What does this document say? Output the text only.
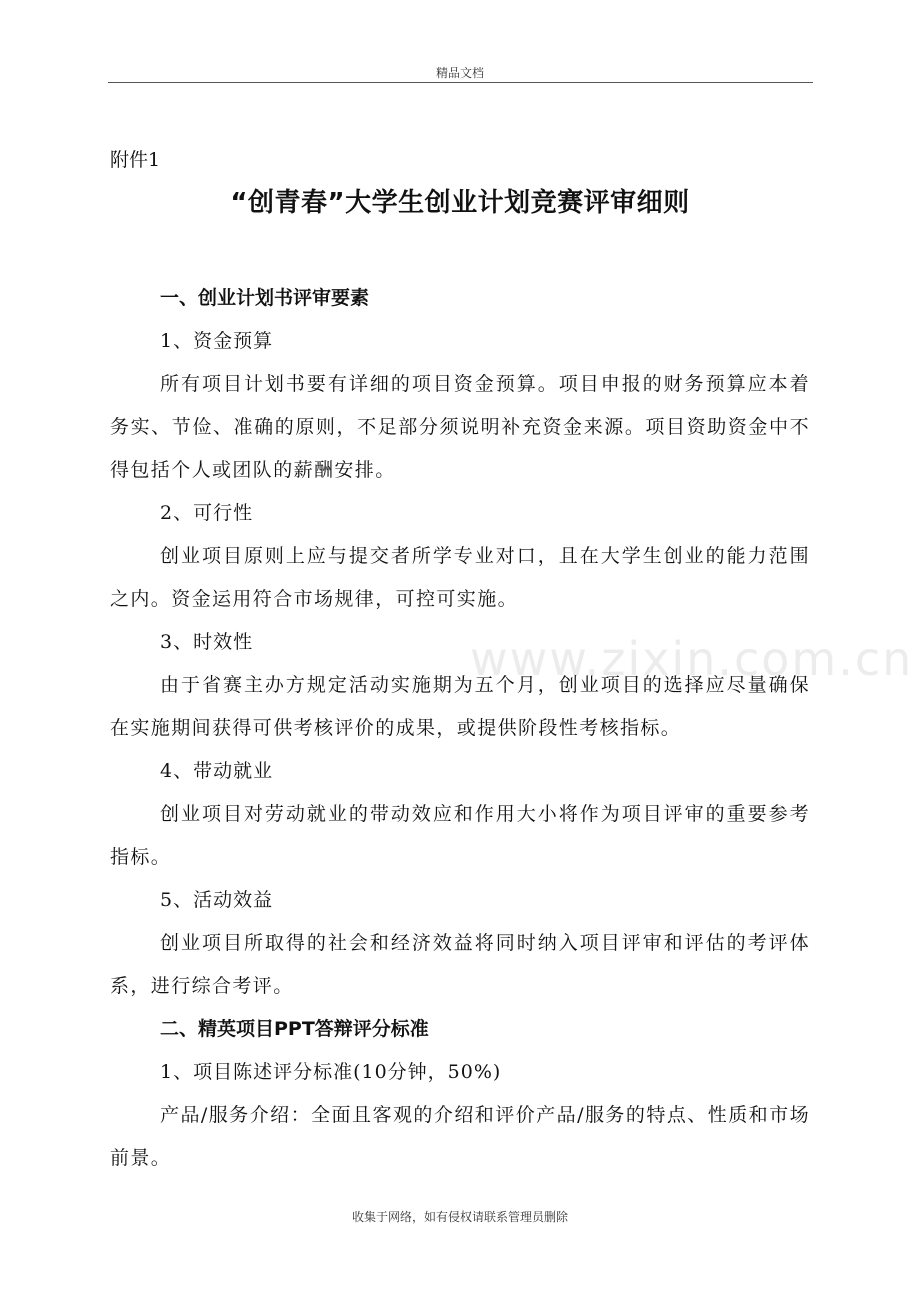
精品文档
www.zixin.com.cn
附件1
“创青春”大学生创业计划竞赛评审细则

一、创业计划书评审要素

1、资金预算

所有项目计划书要有详细的项目资金预算。项目申报的财务预算应本着务实、节俭、准确的原则，不足部分须说明补充资金来源。项目资助资金中不得包括个人或团队的薪酬安排。

2、可行性

创业项目原则上应与提交者所学专业对口，且在大学生创业的能力范围之内。资金运用符合市场规律，可控可实施。

3、时效性

由于省赛主办方规定活动实施期为五个月，创业项目的选择应尽量确保在实施期间获得可供考核评价的成果，或提供阶段性考核指标。

4、带动就业

创业项目对劳动就业的带动效应和作用大小将作为项目评审的重要参考指标。

5、活动效益

创业项目所取得的社会和经济效益将同时纳入项目评审和评估的考评体系，进行综合考评。

二、精英项目PPT答辩评分标准

1、项目陈述评分标准(10分钟，50%)

产品/服务介绍：全面且客观的介绍和评价产品/服务的特点、性质和市场前景。

收集于网络，如有侵权请联系管理员删除
